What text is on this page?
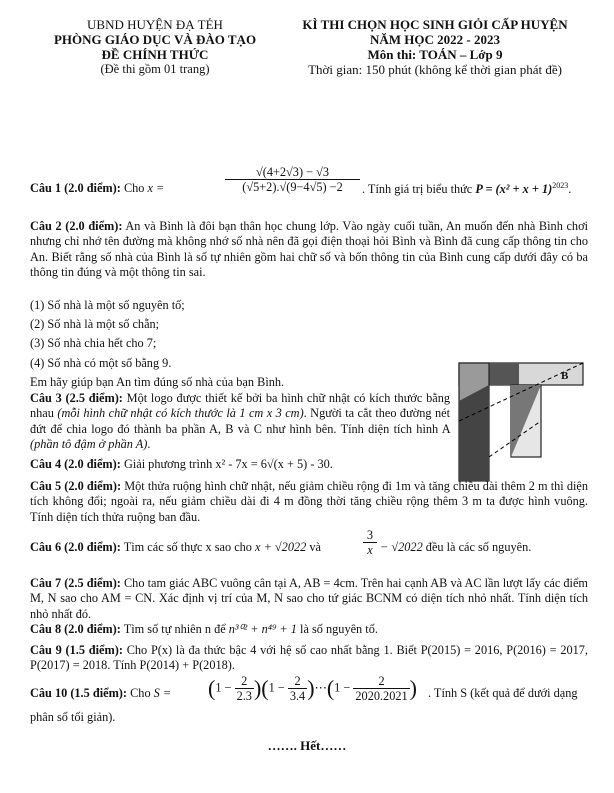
UBND HUYỆN ĐẠ TẺH
PHÒNG GIÁO DỤC VÀ ĐÀO TẠO
ĐỀ CHÍNH THỨC
(Đề thi gồm 01 trang)
KÌ THI CHỌN HỌC SINH GIỎI CẤP HUYỆN
NĂM HỌC 2022 - 2023
Môn thi: TOÁN – Lớp 9
Thời gian: 150 phút (không kể thời gian phát đề)
Câu 1 (2.0 điểm): Cho x =	$\frac{√(4+2√3) - √3}{(√5+2).√(9-4√5) -2}$ . Tính giá trị biểu thức $P = (x^2 + x + 1)^{2023}$.
Câu 2 (2.0 điểm): An và Bình là đôi bạn thân học chung lớp. Vào ngày cuối tuần, An muốn đến nhà Bình chơi nhưng chỉ nhớ tên đường mà không nhớ số nhà nên đã gọi điện thoại hỏi Bình và Bình đã cung cấp thông tin cho An. Biết rằng số nhà của Bình là số tự nhiên gồm hai chữ số và bốn thông tin của Bình cung cấp dưới đây có ba thông tin đúng và một thông tin sai.
(1) Số nhà là một số nguyên tố;
(2) Số nhà là một số chẵn;
(3) Số nhà chia hết cho 7;
(4) Số nhà có một số bằng 9.
Em hãy giúp bạn An tìm đúng số nhà của bạn Bình.
Câu 3 (2.5 điểm): Một logo được thiết kế bởi ba hình chữ nhật có kích thước bằng nhau (mỗi hình chữ nhật có kích thước là 1 cm x 3 cm). Người ta cắt theo đường nét đứt để chia logo đó thành ba phần A, B và C như hình bên. Tính diện tích hình A (phần tô đậm ở phần A).
B
Câu 4 (2.0 điểm): Giải phương trình x² - 7x = 6√(x + 5) - 30.
Câu 5 (2.0 điểm): Một thửa ruộng hình chữ nhật, nếu giảm chiều rộng đi 1m và tăng chiều dài thêm 2 m thì diện tích không đổi; ngoài ra, nếu giảm chiều dài đi 4 m đồng thời tăng chiều rộng thêm 3 m ta được hình vuông. Tính diện tích thửa ruộng ban đầu.
Câu 6 (2.0 điểm): Tìm các số thực x sao cho x + √2022 và	$\frac{3}{x} - √2022$ đều là các số nguyên.
Câu 7 (2.5 điểm): Cho tam giác ABC vuông cân tại A, AB = 4cm. Trên hai cạnh AB và AC lần lượt lấy các điểm M, N sao cho AM = CN. Xác định vị trí của M, N sao cho tứ giác BCNM có diện tích nhỏ nhất. Tính diện tích nhỏ nhất đó.
Câu 8 (2.0 điểm): Tìm số tự nhiên n để n³⁰² + n⁴⁹ + 1 là số nguyên tố.
Câu 9 (1.5 điểm): Cho P(x) là đa thức bậc 4 với hệ số cao nhất bằng 1. Biết P(2015) = 2016, P(2016) = 2017, P(2017) = 2018. Tính P(2014) + P(2018).
Câu 10 (1.5 điểm): Cho $S = (1 - \frac{2}{2.3} )(1 - \frac{2}{3.4}$ )⋯(1 − $\frac{2}{2020.2021}$ ) . Tính S (kết quả để dưới dạng
phân số tối giản).
……. Hết……
